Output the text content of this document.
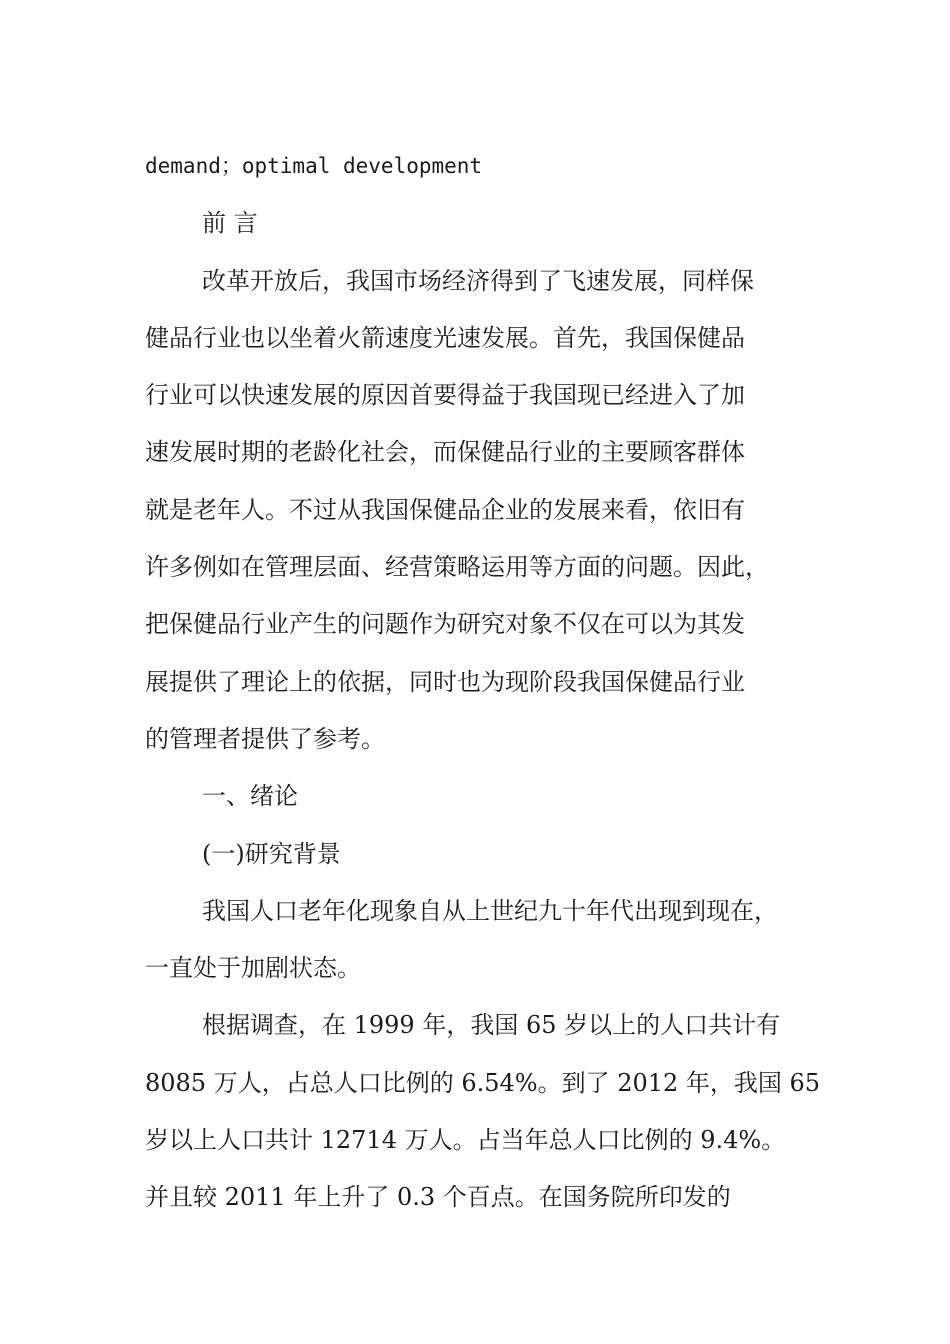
demand；optimal development
前 言
改革开放后，我国市场经济得到了飞速发展，同样保
健品行业也以坐着火箭速度光速发展。首先，我国保健品
行业可以快速发展的原因首要得益于我国现已经进入了加
速发展时期的老龄化社会，而保健品行业的主要顾客群体
就是老年人。不过从我国保健品企业的发展来看，依旧有
许多例如在管理层面、经营策略运用等方面的问题。因此，
把保健品行业产生的问题作为研究对象不仅在可以为其发
展提供了理论上的依据，同时也为现阶段我国保健品行业
的管理者提供了参考。
一、绪论
(一)研究背景
我国人口老年化现象自从上世纪九十年代出现到现在，
一直处于加剧状态。
根据调查，在 1999 年，我国 65 岁以上的人口共计有
8085 万人，占总人口比例的 6.54%。到了 2012 年，我国 65
岁以上人口共计 12714 万人。占当年总人口比例的 9.4%。
并且较 2011 年上升了 0.3 个百点。在国务院所印发的
